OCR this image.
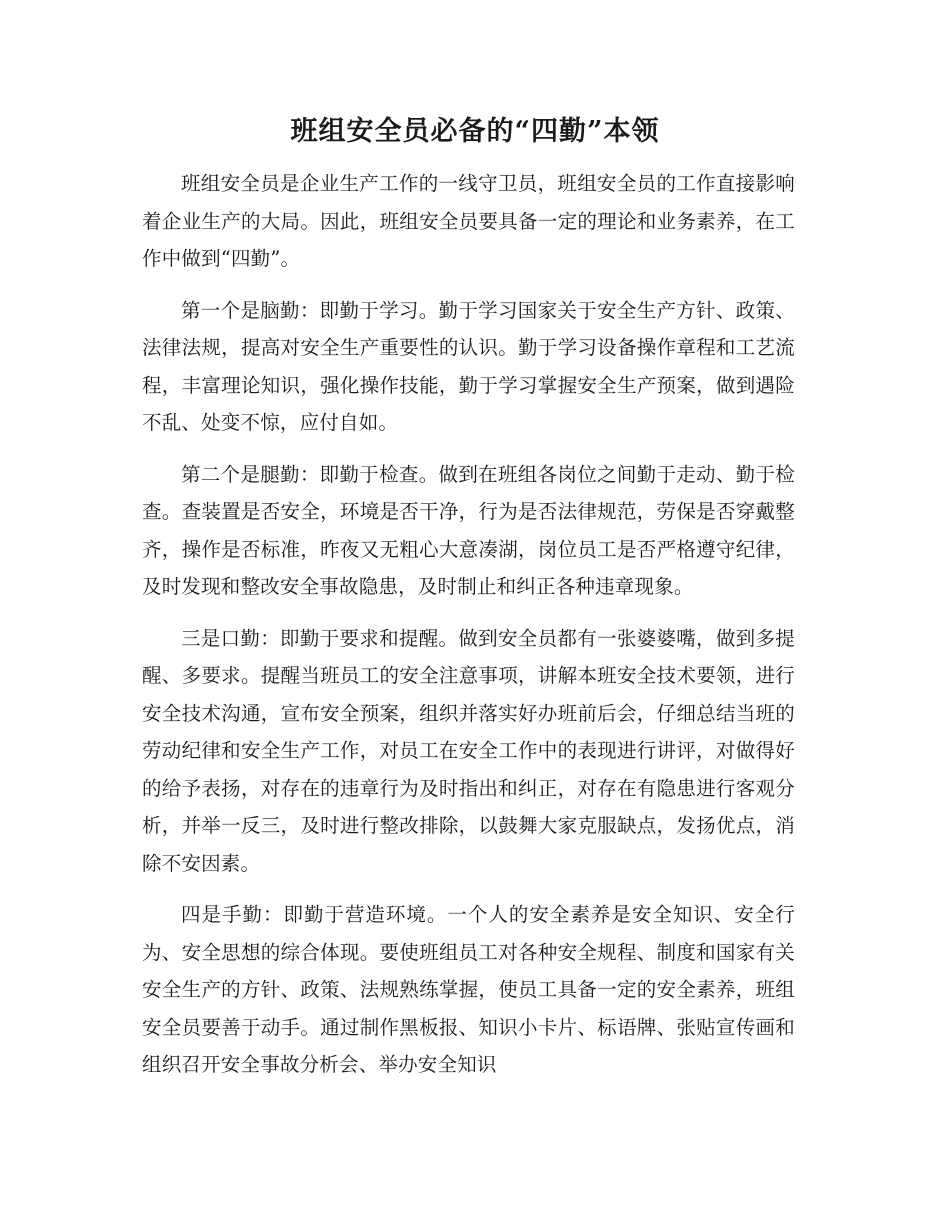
班组安全员必备的“四勤”本领

班组安全员是企业生产工作的一线守卫员，班组安全员的工作直接影响着企业生产的大局。因此，班组安全员要具备一定的理论和业务素养，在工作中做到“四勤”。

第一个是脑勤：即勤于学习。勤于学习国家关于安全生产方针、政策、法律法规，提高对安全生产重要性的认识。勤于学习设备操作章程和工艺流程，丰富理论知识，强化操作技能，勤于学习掌握安全生产预案，做到遇险不乱、处变不惊，应付自如。

第二个是腿勤：即勤于检查。做到在班组各岗位之间勤于走动、勤于检查。查装置是否安全，环境是否干净，行为是否法律规范，劳保是否穿戴整齐，操作是否标准，昨夜又无粗心大意凑湖，岗位员工是否严格遵守纪律，及时发现和整改安全事故隐患，及时制止和纠正各种违章现象。

三是口勤：即勤于要求和提醒。做到安全员都有一张婆婆嘴，做到多提醒、多要求。提醒当班员工的安全注意事项，讲解本班安全技术要领，进行安全技术沟通，宣布安全预案，组织并落实好办班前后会，仔细总结当班的劳动纪律和安全生产工作，对员工在安全工作中的表现进行讲评，对做得好的给予表扬，对存在的违章行为及时指出和纠正，对存在有隐患进行客观分析，并举一反三，及时进行整改排除，以鼓舞大家克服缺点，发扬优点，消除不安因素。

四是手勤：即勤于营造环境。一个人的安全素养是安全知识、安全行为、安全思想的综合体现。要使班组员工对各种安全规程、制度和国家有关安全生产的方针、政策、法规熟练掌握，使员工具备一定的安全素养，班组安全员要善于动手。通过制作黑板报、知识小卡片、标语牌、张贴宣传画和组织召开安全事故分析会、举办安全知识
